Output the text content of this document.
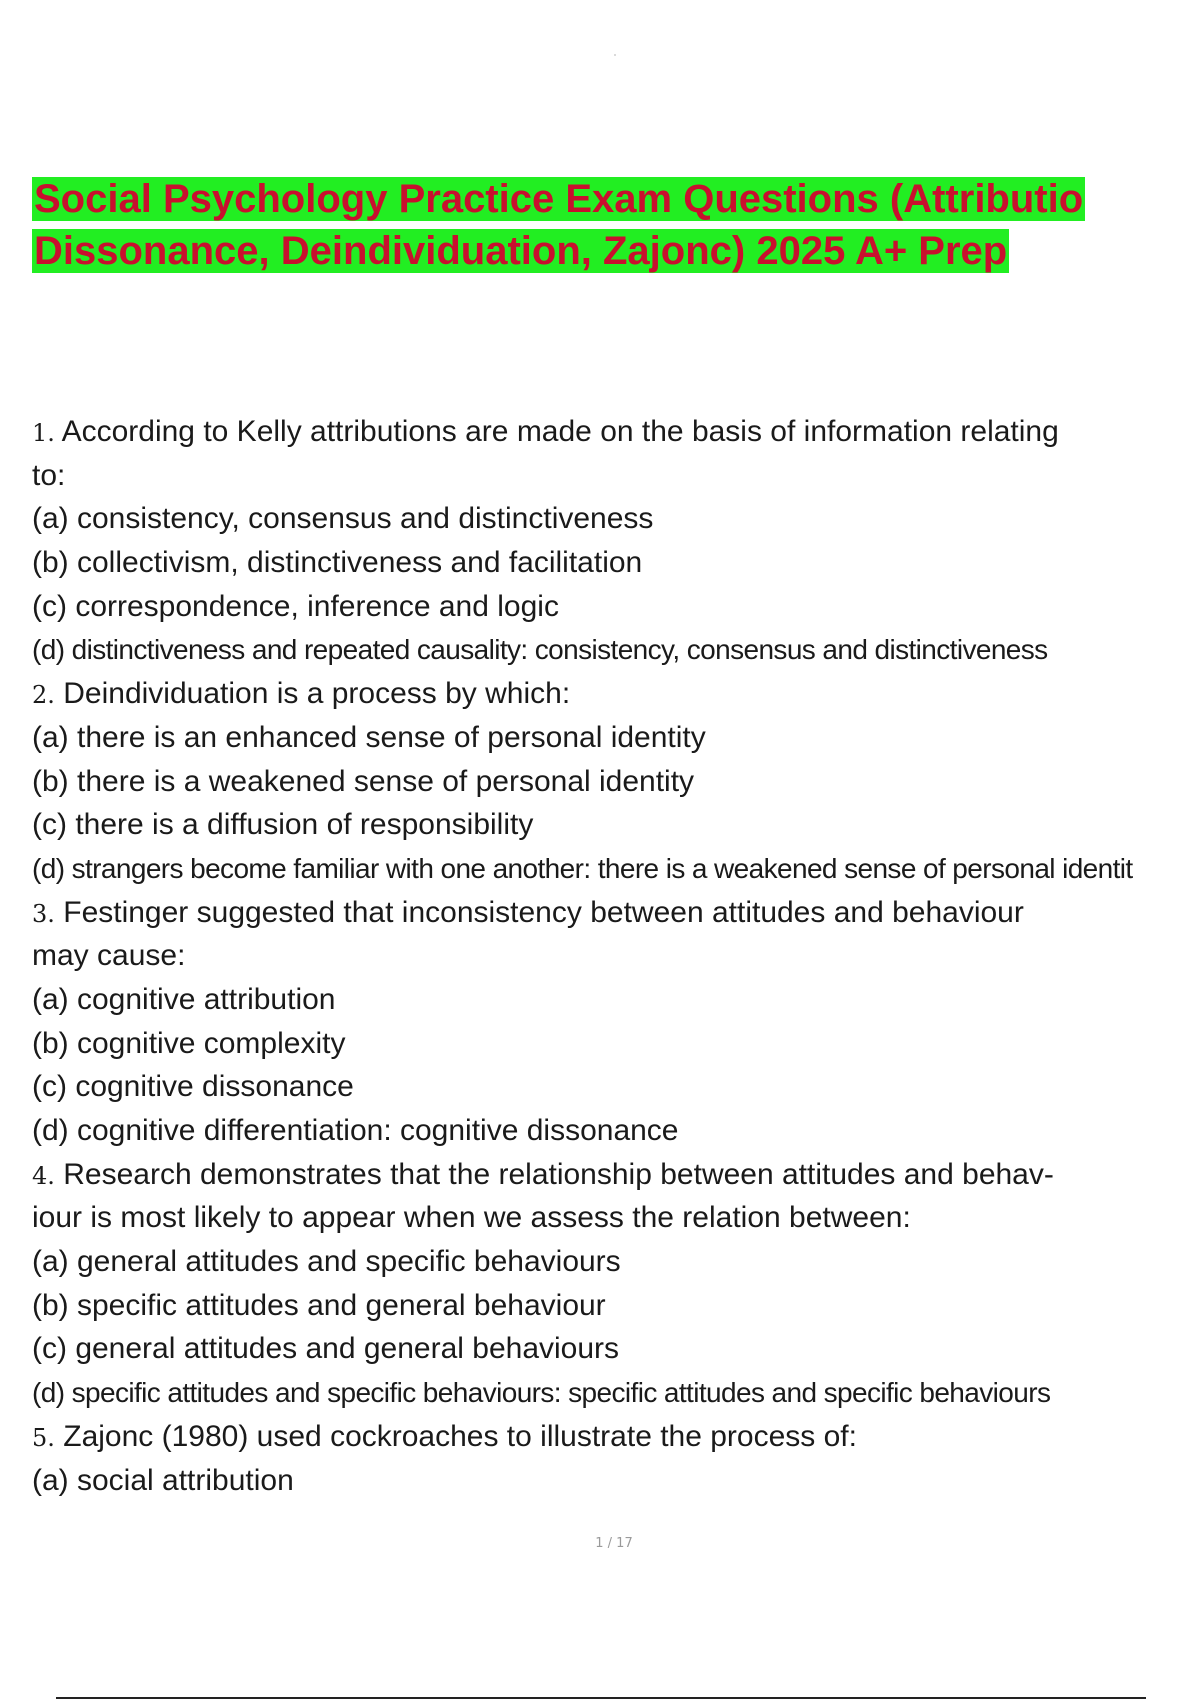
Social Psychology Practice Exam Questions (Attributio
Dissonance, Deindividuation, Zajonc) 2025 A+ Prep
1. According to Kelly attributions are made on the basis of information relating
to:
(a) consistency, consensus and distinctiveness
(b) collectivism, distinctiveness and facilitation
(c) correspondence, inference and logic
(d) distinctiveness and repeated causality: consistency, consensus and distinctiveness
2. Deindividuation is a process by which:
(a) there is an enhanced sense of personal identity
(b) there is a weakened sense of personal identity
(c) there is a diffusion of responsibility
(d) strangers become familiar with one another: there is a weakened sense of personal identit
3. Festinger suggested that inconsistency between attitudes and behaviour
may cause:
(a) cognitive attribution
(b) cognitive complexity
(c) cognitive dissonance
(d) cognitive differentiation: cognitive dissonance
4. Research demonstrates that the relationship between attitudes and behav-
iour is most likely to appear when we assess the relation between:
(a) general attitudes and specific behaviours
(b) specific attitudes and general behaviour
(c) general attitudes and general behaviours
(d) specific attitudes and specific behaviours: specific attitudes and specific behaviours
5. Zajonc (1980) used cockroaches to illustrate the process of:
(a) social attribution
1 / 17
